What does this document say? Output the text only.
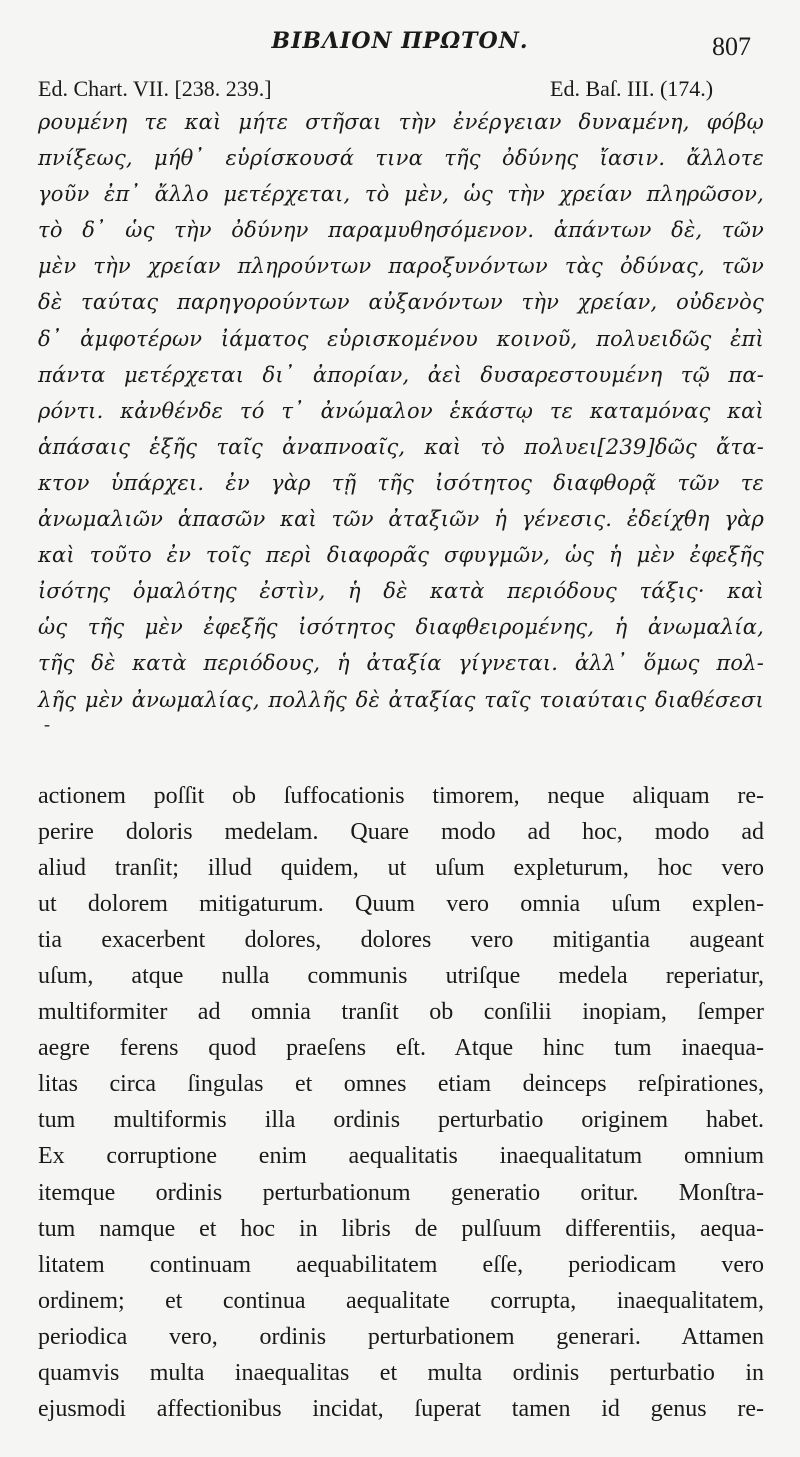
ΒΙΒΛΙΟΝ ΠΡΩΤΟΝ.	807
Ed. Chart. VII. [238. 239.]	Ed. Baſ. III. (174.)
ρουμένη τε καὶ μήτε στῆσαι τὴν ἐνέργειαν δυναμένη, φόβῳ
πνίξεως, μήθ᾿ εὑρίσκουσά τινα τῆς ὀδύνης ἴασιν. ἄλλοτε
γοῦν ἐπ᾿ ἄλλο μετέρχεται, τὸ μὲν, ὡς τὴν χρείαν πληρῶσον,
τὸ δ᾿ ὡς τὴν ὀδύνην παραμυθησόμενον. ἁπάντων δὲ, τῶν
μὲν τὴν χρείαν πληρούντων παροξυνόντων τὰς ὀδύνας, τῶν
δὲ ταύτας παρηγορούντων αὐξανόντων τὴν χρείαν, οὐδενὸς
δ᾿ ἀμφοτέρων ἰάματος εὑρισκομένου κοινοῦ, πολυειδῶς ἐπὶ
πάντα μετέρχεται δι᾿ ἀπορίαν, ἀεὶ δυσαρεστουμένη τῷ πα-
ρόντι. κἀνθένδε τό τ᾿ ἀνώμαλον ἑκάστῳ τε καταμόνας καὶ
ἁπάσαις ἑξῆς ταῖς ἀναπνοαῖς, καὶ τὸ πολυει[239]δῶς ἄτα-
κτον ὑπάρχει. ἐν γὰρ τῇ τῆς ἰσότητος διαφθορᾷ τῶν τε
ἀνωμαλιῶν ἁπασῶν καὶ τῶν ἀταξιῶν ἡ γένεσις. ἐδείχθη γὰρ
καὶ τοῦτο ἐν τοῖς περὶ διαφορᾶς σφυγμῶν, ὡς ἡ μὲν ἐφεξῆς
ἰσότης ὁμαλότης ἐστὶν, ἡ δὲ κατὰ περιόδους τάξις· καὶ
ὡς τῆς μὲν ἐφεξῆς ἰσότητος διαφθειρομένης, ἡ ἀνωμαλία,
τῆς δὲ κατὰ περιόδους, ἡ ἀταξία γίγνεται. ἀλλ᾿ ὅμως πολ-
λῆς μὲν ἀνωμαλίας, πολλῆς δὲ ἀταξίας ταῖς τοιαύταις διαθέσεσι
-
actionem poſſit ob ſuffocationis timorem, neque aliquam re-
perire doloris medelam. Quare modo ad hoc, modo ad
aliud tranſit; illud quidem, ut uſum expleturum, hoc vero
ut dolorem mitigaturum. Quum vero omnia uſum explen-
tia exacerbent dolores, dolores vero mitigantia augeant
uſum, atque nulla communis utriſque medela reperiatur,
multiformiter ad omnia tranſit ob conſilii inopiam, ſemper
aegre ferens quod praeſens eſt. Atque hinc tum inaequa-
litas circa ſingulas et omnes etiam deinceps reſpirationes,
tum multiformis illa ordinis perturbatio originem habet.
Ex corruptione enim aequalitatis inaequalitatum omnium
itemque ordinis perturbationum generatio oritur. Monſtra-
tum namque et hoc in libris de pulſuum differentiis, aequa-
litatem continuam aequabilitatem eſſe, periodicam vero
ordinem; et continua aequalitate corrupta, inaequalitatem,
periodica vero, ordinis perturbationem generari. Attamen
quamvis multa inaequalitas et multa ordinis perturbatio in
ejusmodi affectionibus incidat, ſuperat tamen id genus re-
